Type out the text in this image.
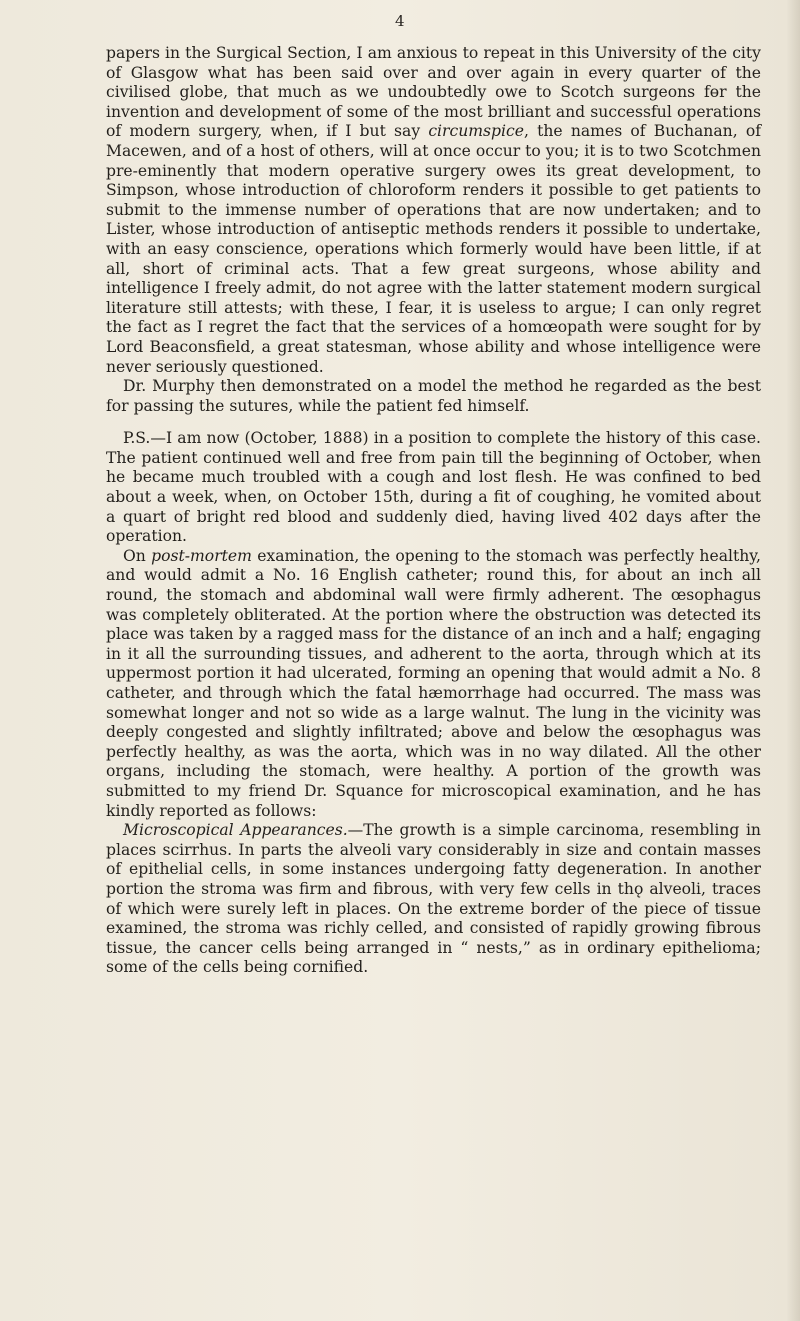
4

papers in the Surgical Section, I am anxious to repeat in this University of the city of Glasgow what has been said over and over again in every quarter of the civilised globe, that much as we undoubtedly owe to Scotch surgeons fɵr the invention and development of some of the most brilliant and successful operations of modern surgery, when, if I but say circumspice, the names of Buchanan, of Macewen, and of a host of others, will at once occur to you; it is to two Scotchmen pre-eminently that modern operative surgery owes its great development, to Simpson, whose introduction of chloroform renders it possible to get patients to submit to the immense number of operations that are now undertaken; and to Lister, whose introduction of antiseptic methods renders it possible to undertake, with an easy conscience, operations which formerly would have been little, if at all, short of criminal acts. That a few great surgeons, whose ability and intelligence I freely admit, do not agree with the latter statement modern surgical literature still attests; with these, I fear, it is useless to argue; I can only regret the fact as I regret the fact that the services of a homœopath were sought for by Lord Beaconsfield, a great statesman, whose ability and whose intelligence were never seriously questioned.

Dr. Murphy then demonstrated on a model the method he regarded as the best for passing the sutures, while the patient fed himself.

P.S.—I am now (October, 1888) in a position to complete the history of this case. The patient continued well and free from pain till the beginning of October, when he became much troubled with a cough and lost flesh. He was confined to bed about a week, when, on October 15th, during a fit of coughing, he vomited about a quart of bright red blood and suddenly died, having lived 402 days after the operation.

On post-mortem examination, the opening to the stomach was perfectly healthy, and would admit a No. 16 English catheter; round this, for about an inch all round, the stomach and abdominal wall were firmly adherent. The œsophagus was completely obliterated. At the portion where the obstruction was detected its place was taken by a ragged mass for the distance of an inch and a half; engaging in it all the surrounding tissues, and adherent to the aorta, through which at its uppermost portion it had ulcerated, forming an opening that would admit a No. 8 catheter, and through which the fatal hæmorrhage had occurred. The mass was somewhat longer and not so wide as a large walnut. The lung in the vicinity was deeply congested and slightly infiltrated; above and below the œsophagus was perfectly healthy, as was the aorta, which was in no way dilated. All the other organs, including the stomach, were healthy. A portion of the growth was submitted to my friend Dr. Squance for microscopical examination, and he has kindly reported as follows:

Microscopical Appearances.—The growth is a simple carcinoma, resembling in places scirrhus. In parts the alveoli vary considerably in size and contain masses of epithelial cells, in some instances undergoing fatty degeneration. In another portion the stroma was firm and fibrous, with very few cells in thǫ alveoli, traces of which were surely left in places. On the extreme border of the piece of tissue examined, the stroma was richly celled, and consisted of rapidly growing fibrous tissue, the cancer cells being arranged in “ nests,” as in ordinary epithelioma; some of the cells being cornified.
